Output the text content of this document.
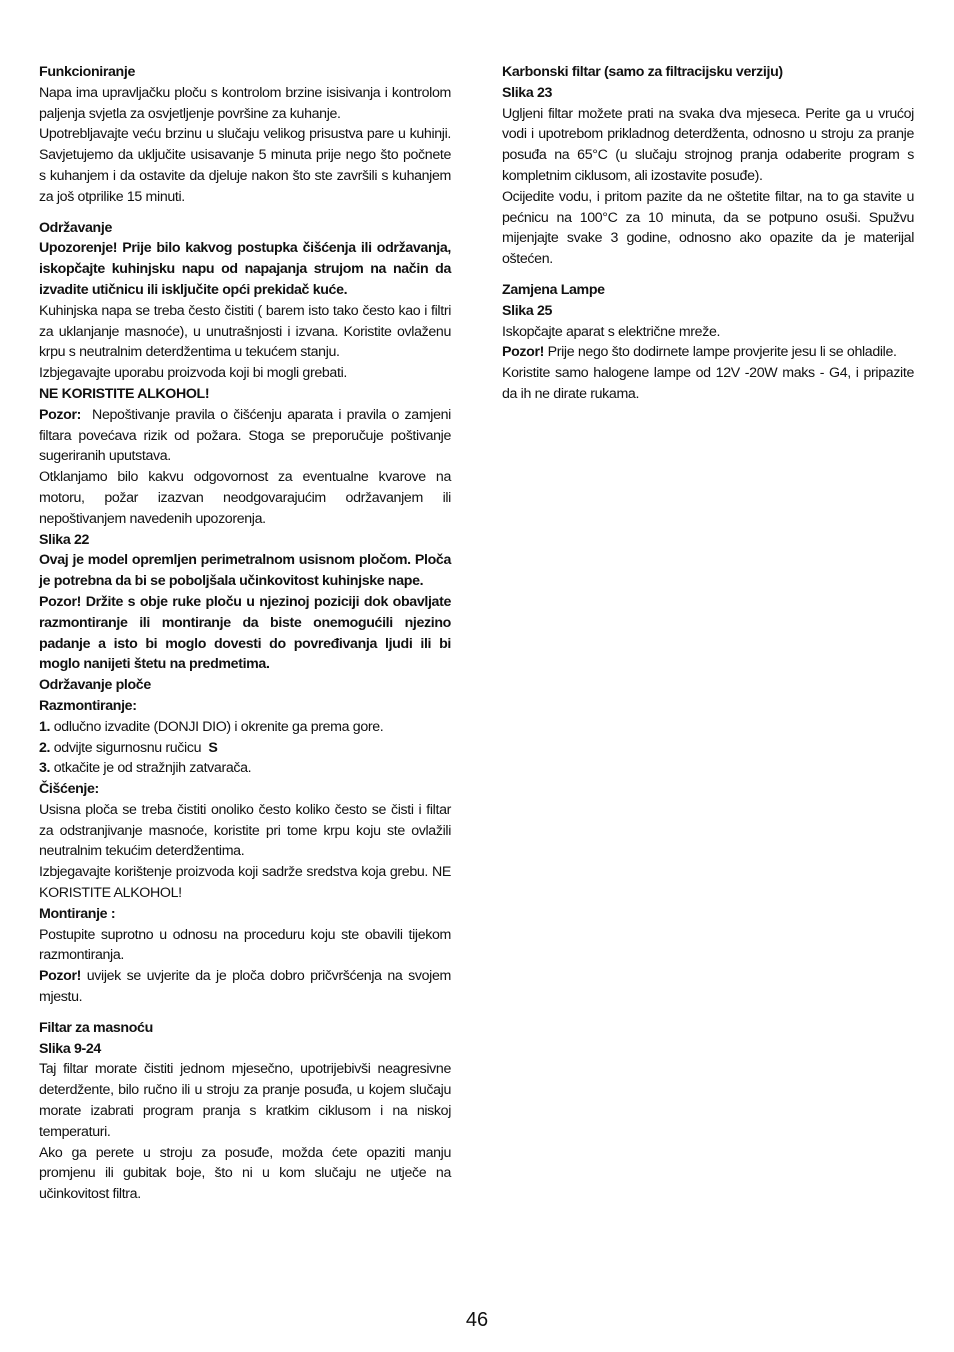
Funkcioniranje

Napa ima upravljačku ploču s kontrolom brzine isisivanja i kontrolom paljenja svjetla za osvjetljenje površine za kuhanje.

Upotrebljavajte veću brzinu u slučaju velikog prisustva pare u kuhinji. Savjetujemo da uključite usisavanje 5 minuta prije nego što počnete s kuhanjem i da ostavite da djeluje nakon što ste završili s kuhanjem za još otprilike 15 minuti.

Održavanje

Upozorenje! Prije bilo kakvog postupka čišćenja ili održavanja, iskopčajte kuhinjsku napu od napajanja strujom na način da izvadite utičnicu ili isključite opći prekidač kuće.

Kuhinjska napa se treba često čistiti ( barem isto tako često kao i filtri za uklanjanje masnoće), u unutrašnjosti i izvana. Koristite ovlaženu krpu s neutralnim deterdžentima u tekućem stanju.

Izbjegavajte uporabu proizvoda koji bi mogli grebati.

NE KORISTITE ALKOHOL!

Pozor: Nepoštivanje pravila o čišćenju aparata i pravila o zamjeni filtara povećava rizik od požara. Stoga se preporučuje poštivanje sugeriranih uputstava.

Otklanjamo bilo kakvu odgovornost za eventualne kvarove na motoru, požar izazvan neodgovarajućim održavanjem ili nepoštivanjem navedenih upozorenja.

Slika 22

Ovaj je model opremljen perimetralnom usisnom pločom. Ploča je potrebna da bi se poboljšala učinkovitost kuhinjske nape.

Pozor! Držite s obje ruke ploču u njezinoj poziciji dok obavljate razmontiranje ili montiranje da biste onemogućili njezino padanje a isto bi moglo dovesti do povređivanja ljudi ili bi moglo nanijeti štetu na predmetima.

Održavanje ploče

Razmontiranje:

1. odlučno izvadite (DONJI DIO) i okrenite ga prema gore.

2. odvijte sigurnosnu ručicu S

3. otkačite je od stražnjih zatvarača.

Čišćenje:

Usisna ploča se treba čistiti onoliko često koliko često se čisti i filtar za odstranjivanje masnoće, koristite pri tome krpu koju ste ovlažili neutralnim tekućim deterdžentima.

Izbjegavajte korištenje proizvoda koji sadrže sredstva koja grebu. NE KORISTITE ALKOHOL!

Montiranje :

Postupite suprotno u odnosu na proceduru koju ste obavili tijekom razmontiranja.

Pozor! uvijek se uvjerite da je ploča dobro pričvršćenja na svojem mjestu.

Filtar za masnoću

Slika 9-24

Taj filtar morate čistiti jednom mjesečno, upotrijebivši neagresivne deterdžente, bilo ručno ili u stroju za pranje posuđa, u kojem slučaju morate izabrati program pranja s kratkim ciklusom i na niskoj temperaturi.

Ako ga perete u stroju za posuđe, možda ćete opaziti manju promjenu ili gubitak boje, što ni u kom slučaju ne utječe na učinkovitost filtra.

Karbonski filtar (samo za filtracijsku verziju)

Slika 23

Ugljeni filtar možete prati na svaka dva mjeseca. Perite ga u vrućoj vodi i upotrebom prikladnog deterdženta, odnosno u stroju za pranje posuđa na 65°C (u slučaju strojnog pranja odaberite program s kompletnim ciklusom, ali izostavite posuđe).

Ocijedite vodu, i pritom pazite da ne oštetite filtar, na to ga stavite u pećnicu na 100°C za 10 minuta, da se potpuno osuši. Spužvu mijenjajte svake 3 godine, odnosno ako opazite da je materijal oštećen.

Zamjena Lampe

Slika 25

Iskopčajte aparat s električne mreže.

Pozor! Prije nego što dodirnete lampe provjerite jesu li se ohladile.

Koristite samo halogene lampe od 12V -20W maks - G4, i pripazite da ih ne dirate rukama.

46
